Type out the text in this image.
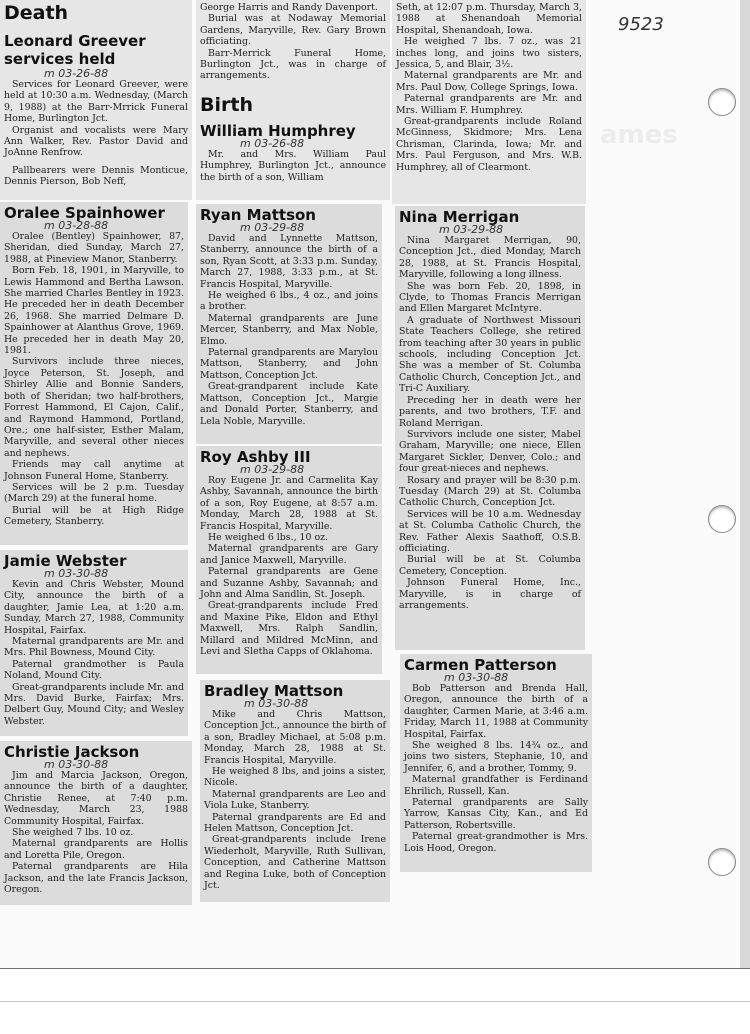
ames
9523
Death
Leonard Greever services held
m 03-26-88

Services for Leonard Greever, were held at 10:30 a.m. Wednesday, (March 9, 1988) at the Barr-Mrrick Funeral Home, Burlington Jct.

Organist and vocalists were Mary Ann Walker, Rev. Pastor David and JoAnne Renfrow.

Pallbearers were Dennis Monticue, Dennis Pierson, Bob Neff,

Oralee Spainhower
m 03-28-88

Oralee (Bentley) Spainhower, 87, Sheridan, died Sunday, March 27, 1988, at Pineview Manor, Stanberry.

Born Feb. 18, 1901, in Maryville, to Lewis Hammond and Bertha Lawson. She married Charles Bentley in 1923. He preceded her in death December 26, 1968. She married Delmare D. Spainhower at Alanthus Grove, 1969. He preceded her in death May 20, 1981.

Survivors include three nieces, Joyce Peterson, St. Joseph, and Shirley Allie and Bonnie Sanders, both of Sheridan; two half-brothers, Forrest Hammond, El Cajon, Calif., and Raymond Hammond, Portland, Ore.; one half-sister, Esther Malam, Maryville, and several other nieces and nephews.

Friends may call anytime at Johnson Funeral Home, Stanberry.

Services will be 2 p.m. Tuesday (March 29) at the funeral home.

Burial will be at High Ridge Cemetery, Stanberry.

Jamie Webster
m 03-30-88

Kevin and Chris Webster, Mound City, announce the birth of a daughter, Jamie Lea, at 1:20 a.m. Sunday, March 27, 1988, Community Hospital, Fairfax.

Maternal grandparents are Mr. and Mrs. Phil Bowness, Mound City.

Paternal grandmother is Paula Noland, Mound City.

Great-grandparents include Mr. and Mrs. David Burke, Fairfax; Mrs. Delbert Guy, Mound City; and Wesley Webster.

Christie Jackson
m 03-30-88

Jim and Marcia Jackson, Oregon, announce the birth of a daughter, Christie Renee, at 7:40 p.m. Wednesday, March 23, 1988 Community Hospital, Fairfax.

She weighed 7 lbs. 10 oz.

Maternal grandparents are Hollis and Loretta Pile, Oregon.

Paternal grandparents are Hila Jackson, and the late Francis Jackson, Oregon.

George Harris and Randy Davenport.

Burial was at Nodaway Memorial Gardens, Maryville, Rev. Gary Brown officiating.

Barr-Merrick Funeral Home, Burlington Jct., was in charge of arrangements.

Birth
William Humphrey
m 03-26-88

Mr. and Mrs. William Paul Humphrey, Burlington Jct., announce the birth of a son, William

Ryan Mattson
m 03-29-88

David and Lynnette Mattson, Stanberry, announce the birth of a son, Ryan Scott, at 3:33 p.m. Sunday, March 27, 1988, 3:33 p.m., at St. Francis Hospital, Maryville.

He weighed 6 lbs., 4 oz., and joins a brother.

Maternal grandparents are June Mercer, Stanberry, and Max Noble, Elmo.

Paternal grandparents are Marylou Mattson, Stanberry, and John Mattson, Conception Jct.

Great-grandparent include Kate Mattson, Conception Jct., Margie and Donald Porter, Stanberry, and Lela Noble, Maryville.

Roy Ashby III
m 03-29-88

Roy Eugene Jr. and Carmelita Kay Ashby, Savannah, announce the birth of a son, Roy Eugene, at 8:57 a.m. Monday, March 28, 1988 at St. Francis Hospital, Maryville.

He weighed 6 lbs., 10 oz.

Maternal grandparents are Gary and Janice Maxwell, Maryville.

Paternal grandparents are Gene and Suzanne Ashby, Savannah; and John and Alma Sandlin, St. Joseph.

Great-grandparents include Fred and Maxine Pike, Eldon and Ethyl Maxwell, Mrs. Ralph Sandlin, Millard and Mildred McMinn, and Levi and Sletha Capps of Oklahoma.

Bradley Mattson
m 03-30-88

Mike and Chris Mattson, Conception Jct., announce the birth of a son, Bradley Michael, at 5:08 p.m. Monday, March 28, 1988 at St. Francis Hospital, Maryville.

He weighed 8 lbs, and joins a sister, Nicole.

Maternal grandparents are Leo and Viola Luke, Stanberry.

Paternal grandparents are Ed and Helen Mattson, Conception Jct.

Great-grandparents include Irene Wiederholt, Maryville, Ruth Sullivan, Conception, and Catherine Mattson and Regina Luke, both of Conception Jct.

Seth, at 12:07 p.m. Thursday, March 3, 1988 at Shenandoah Memorial Hospital, Shenandoah, Iowa.

He weighed 7 lbs. 7 oz., was 21 inches long, and joins two sisters, Jessica, 5, and Blair, 3½.

Maternal grandparents are Mr. and Mrs. Paul Dow, College Springs, Iowa.

Paternal grandparents are Mr. and Mrs. William F. Humphrey.

Great-grandparents include Roland McGinness, Skidmore; Mrs. Lena Chrisman, Clarinda, Iowa; Mr. and Mrs. Paul Ferguson, and Mrs. W.B. Humphrey, all of Clearmont.

Nina Merrigan
m 03-29-88

Nina Margaret Merrigan, 90, Conception Jct., died Monday, March 28, 1988, at St. Francis Hospital, Maryville, following a long illness.

She was born Feb. 20, 1898, in Clyde, to Thomas Francis Merrigan and Ellen Margaret McIntyre.

A graduate of Northwest Missouri State Teachers College, she retired from teaching after 30 years in public schools, including Conception Jct. She was a member of St. Columba Catholic Church, Conception Jct., and Tri-C Auxiliary.

Preceding her in death were her parents, and two brothers, T.F. and Roland Merrigan.

Survivors include one sister, Mabel Graham, Maryville; one niece, Ellen Margaret Sickler, Denver, Colo.; and four great-nieces and nephews.

Rosary and prayer will be 8:30 p.m. Tuesday (March 29) at St. Columba Catholic Church, Conception Jct.

Services will be 10 a.m. Wednesday at St. Columba Catholic Church, the Rev. Father Alexis Saathoff, O.S.B. officiating.

Burial will be at St. Columba Cemetery, Conception.

Johnson Funeral Home, Inc., Maryville, is in charge of arrangements.

Carmen Patterson
m 03-30-88

Bob Patterson and Brenda Hall, Oregon, announce the birth of a daughter, Carmen Marie, at 3:46 a.m. Friday, March 11, 1988 at Community Hospital, Fairfax.

She weighed 8 lbs. 14¾ oz., and joins two sisters, Stephanie, 10, and Jennifer, 6, and a brother, Tommy, 9.

Maternal grandfather is Ferdinand Ehrilich, Russell, Kan.

Paternal grandparents are Sally Yarrow, Kansas City, Kan., and Ed Patterson, Robertsville.

Paternal great-grandmother is Mrs. Lois Hood, Oregon.
